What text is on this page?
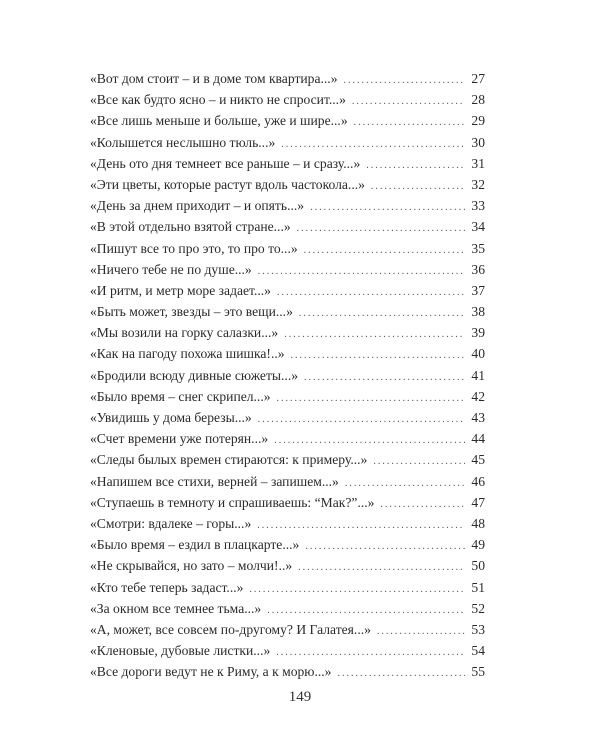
«Вот дом стоит – и в доме том квартира...» .....	27
«Все как будто ясно – и никто не спросит...» .....	28
«Все лишь меньше и больше, уже и шире...» .....	29
«Колышется неслышно тюль...» .....	30
«День ото дня темнеет все раньше – и сразу...» .....	31
«Эти цветы, которые растут вдоль частокола...» .....	32
«День за днем приходит – и опять...» .....	33
«В этой отдельно взятой стране...» .....	34
«Пишут все то про это, то про то...» .....	35
«Ничего тебе не по душе...» .....	36
«И ритм, и метр море задает...» .....	37
«Быть может, звезды – это вещи...» .....	38
«Мы возили на горку салазки...» .....	39
«Как на пагоду похожа шишка!..» .....	40
«Бродили всюду дивные сюжеты...» .....	41
«Было время – снег скрипел...» .....	42
«Увидишь у дома березы...» .....	43
«Счет времени уже потерян...» .....	44
«Следы былых времен стираются: к примеру...» .....	45
«Напишем все стихи, верней – запишем...» .....	46
«Ступаешь в темноту и спрашиваешь: “Мак?”...» .....	47
«Смотри: вдалеке – горы...» .....	48
«Было время – ездил в плацкарте...» .....	49
«Не скрывайся, но зато – молчи!..» .....	50
«Кто тебе теперь задаст...» .....	51
«За окном все темнее тьма...» .....	52
«А, может, все совсем по-другому? И Галатея...» .....	53
«Кленовые, дубовые листки...» .....	54
«Все дороги ведут не к Риму, а к морю...» .....	55
149
